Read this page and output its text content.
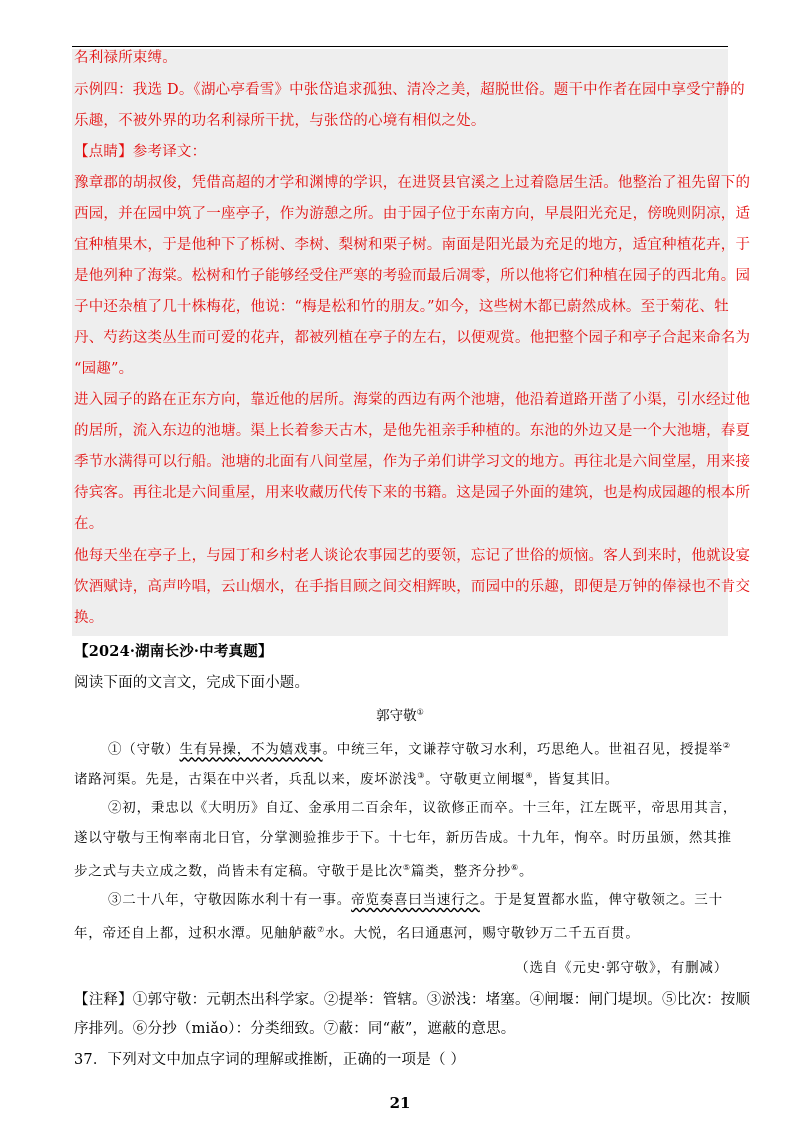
名利禄所束缚。

示例四：我选 D。《湖心亭看雪》中张岱追求孤独、清冷之美，超脱世俗。题干中作者在园中享受宁静的

乐趣，不被外界的功名利禄所干扰，与张岱的心境有相似之处。

【点睛】参考译文：

豫章郡的胡叔俊，凭借高超的才学和渊博的学识，在进贤县官溪之上过着隐居生活。他整治了祖先留下的

西园，并在园中筑了一座亭子，作为游憩之所。由于园子位于东南方向，早晨阳光充足，傍晚则阴凉，适

宜种植果木，于是他种下了栎树、李树、梨树和栗子树。南面是阳光最为充足的地方，适宜种植花卉，于

是他列种了海棠。松树和竹子能够经受住严寒的考验而最后凋零，所以他将它们种植在园子的西北角。园

子中还杂植了几十株梅花，他说：“梅是松和竹的朋友。”如今，这些树木都已蔚然成林。至于菊花、牡

丹、芍药这类丛生而可爱的花卉，都被列植在亭子的左右，以便观赏。他把整个园子和亭子合起来命名为

“园趣”。

进入园子的路在正东方向，靠近他的居所。海棠的西边有两个池塘，他沿着道路开凿了小渠，引水经过他

的居所，流入东边的池塘。渠上长着参天古木，是他先祖亲手种植的。东池的外边又是一个大池塘，春夏

季节水满得可以行船。池塘的北面有八间堂屋，作为子弟们讲学习文的地方。再往北是六间堂屋，用来接

待宾客。再往北是六间重屋，用来收藏历代传下来的书籍。这是园子外面的建筑，也是构成园趣的根本所

在。

他每天坐在亭子上，与园丁和乡村老人谈论农事园艺的要领，忘记了世俗的烦恼。客人到来时，他就设宴

饮酒赋诗，高声吟唱，云山烟水，在手指目顾之间交相辉映，而园中的乐趣，即便是万钟的俸禄也不肯交

换。

【2024·湖南长沙·中考真题】

阅读下面的文言文，完成下面小题。

郭守敬①

①（守敬）生有异操，不为嬉戏事。中统三年，文谦荐守敬习水利，巧思绝人。世祖召见，授提举②

诸路河渠。先是，古渠在中兴者，兵乱以来，废坏淤浅③。守敬更立闸堰④，皆复其旧。

②初，秉忠以《大明历》自辽、金承用二百余年，议欲修正而卒。十三年，江左既平，帝思用其言，

遂以守敬与王恂率南北日官，分掌测验推步于下。十七年，新历告成。十九年，恂卒。时历虽颁，然其推

步之式与夫立成之数，尚皆未有定稿。守敬于是比次⑤篇类，整齐分抄⑥。

③二十八年，守敬因陈水利十有一事。帝览奏喜曰当速行之。于是复置都水监，俾守敬领之。三十

年，帝还自上都，过积水潭。见舳舻蔽⑦水。大悦，名曰通惠河，赐守敬钞万二千五百贯。

（选自《元史·郭守敬》，有删减）

【注释】①郭守敬：元朝杰出科学家。②提举：管辖。③淤浅：堵塞。④闸堰：闸门堤坝。⑤比次：按顺

序排列。⑥分抄（miǎo）：分类细致。⑦蔽：同“蔽”，遮蔽的意思。

37．下列对文中加点字词的理解或推断，正确的一项是（ ）

21
